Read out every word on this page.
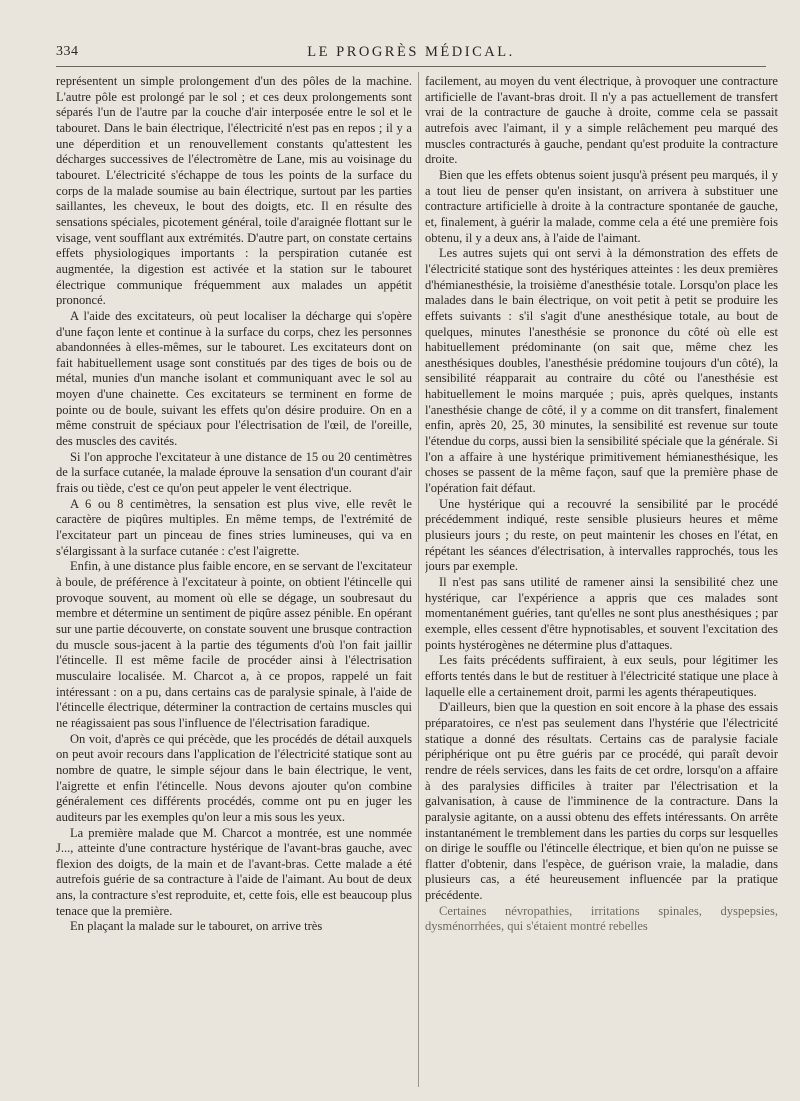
334	LE PROGRÈS MÉDICAL.

représentent un simple prolongement d'un des pôles de la machine. L'autre pôle est prolongé par le sol ; et ces deux prolongements sont séparés l'un de l'autre par la couche d'air interposée entre le sol et le tabouret. Dans le bain électrique, l'électricité n'est pas en repos ; il y a une déperdition et un renouvellement constants qu'attestent les décharges successives de l'électromètre de Lane, mis au voisinage du tabouret. L'électricité s'échappe de tous les points de la surface du corps de la malade soumise au bain électrique, surtout par les parties saillantes, les cheveux, le bout des doigts, etc. Il en résulte des sensations spéciales, picotement général, toile d'araignée flottant sur le visage, vent soufflant aux extrémités. D'autre part, on constate certains effets physiologiques importants : la perspiration cutanée est augmentée, la digestion est activée et la station sur le tabouret électrique communique fréquemment aux malades un appétit prononcé.

A l'aide des excitateurs, où peut localiser la décharge qui s'opère d'une façon lente et continue à la surface du corps, chez les personnes abandonnées à elles-mêmes, sur le tabouret. Les excitateurs dont on fait habituellement usage sont constitués par des tiges de bois ou de métal, munies d'un manche isolant et communiquant avec le sol au moyen d'une chainette. Ces excitateurs se terminent en forme de pointe ou de boule, suivant les effets qu'on désire produire. On en a même construit de spéciaux pour l'électrisation de l'œil, de l'oreille, des muscles des cavités.

Si l'on approche l'excitateur à une distance de 15 ou 20 centimètres de la surface cutanée, la malade éprouve la sensation d'un courant d'air frais ou tiède, c'est ce qu'on peut appeler le vent électrique.

A 6 ou 8 centimètres, la sensation est plus vive, elle revêt le caractère de piqûres multiples. En même temps, de l'extrémité de l'excitateur part un pinceau de fines stries lumineuses, qui va en s'élargissant à la surface cutanée : c'est l'aigrette.

Enfin, à une distance plus faible encore, en se servant de l'excitateur à boule, de préférence à l'excitateur à pointe, on obtient l'étincelle qui provoque souvent, au moment où elle se dégage, un soubresaut du membre et détermine un sentiment de piqûre assez pénible. En opérant sur une partie découverte, on constate souvent une brusque contraction du muscle sous-jacent à la partie des téguments d'où l'on fait jaillir l'étincelle. Il est même facile de procéder ainsi à l'électrisation musculaire localisée. M. Charcot a, à ce propos, rappelé un fait intéressant : on a pu, dans certains cas de paralysie spinale, à l'aide de l'étincelle électrique, déterminer la contraction de certains muscles qui ne réagissaient pas sous l'influence de l'électrisation faradique.

On voit, d'après ce qui précède, que les procédés de détail auxquels on peut avoir recours dans l'application de l'électricité statique sont au nombre de quatre, le simple séjour dans le bain électrique, le vent, l'aigrette et enfin l'étincelle. Nous devons ajouter qu'on combine généralement ces différents procédés, comme ont pu en juger les auditeurs par les exemples qu'on leur a mis sous les yeux.

La première malade que M. Charcot a montrée, est une nommée J..., atteinte d'une contracture hystérique de l'avant-bras gauche, avec flexion des doigts, de la main et de l'avant-bras. Cette malade a été autrefois guérie de sa contracture à l'aide de l'aimant. Au bout de deux ans, la contracture s'est reproduite, et, cette fois, elle est beaucoup plus tenace que la première.

En plaçant la malade sur le tabouret, on arrive très

facilement, au moyen du vent électrique, à provoquer une contracture artificielle de l'avant-bras droit. Il n'y a pas actuellement de transfert vrai de la contracture de gauche à droite, comme cela se passait autrefois avec l'aimant, il y a simple relâchement peu marqué des muscles contracturés à gauche, pendant qu'est produite la contracture droite.

Bien que les effets obtenus soient jusqu'à présent peu marqués, il y a tout lieu de penser qu'en insistant, on arrivera à substituer une contracture artificielle à droite à la contracture spontanée de gauche, et, finalement, à guérir la malade, comme cela a été une première fois obtenu, il y a deux ans, à l'aide de l'aimant.

Les autres sujets qui ont servi à la démonstration des effets de l'électricité statique sont des hystériques atteintes : les deux premières d'hémianesthésie, la troisième d'anesthésie totale. Lorsqu'on place les malades dans le bain électrique, on voit petit à petit se produire les effets suivants : s'il s'agit d'une anesthésique totale, au bout de quelques, minutes l'anesthésie se prononce du côté où elle est habituellement prédominante (on sait que, même chez les anesthésiques doubles, l'anesthésie prédomine toujours d'un côté), la sensibilité réapparait au contraire du côté ou l'anesthésie est habituellement le moins marquée ; puis, après quelques, instants l'anesthésie change de côté, il y a comme on dit transfert, finalement enfin, après 20, 25, 30 minutes, la sensibilité est revenue sur toute l'étendue du corps, aussi bien la sensibilité spéciale que la générale. Si l'on a affaire à une hystérique primitivement hémianesthésique, les choses se passent de la même façon, sauf que la première phase de l'opération fait défaut.

Une hystérique qui a recouvré la sensibilité par le procédé précédemment indiqué, reste sensible plusieurs heures et même plusieurs jours ; du reste, on peut maintenir les choses en l'état, en répétant les séances d'électrisation, à intervalles rapprochés, tous les jours par exemple.

Il n'est pas sans utilité de ramener ainsi la sensibilité chez une hystérique, car l'expérience a appris que ces malades sont momentanément guéries, tant qu'elles ne sont plus anesthésiques ; par exemple, elles cessent d'être hypnotisables, et souvent l'excitation des points hystérogènes ne détermine plus d'attaques.

Les faits précédents suffiraient, à eux seuls, pour légitimer les efforts tentés dans le but de restituer à l'électricité statique une place à laquelle elle a certainement droit, parmi les agents thérapeutiques.

D'ailleurs, bien que la question en soit encore à la phase des essais préparatoires, ce n'est pas seulement dans l'hystérie que l'électricité statique a donné des résultats. Certains cas de paralysie faciale périphérique ont pu être guéris par ce procédé, qui paraît devoir rendre de réels services, dans les faits de cet ordre, lorsqu'on a affaire à des paralysies difficiles à traiter par l'électrisation et la galvanisation, à cause de l'imminence de la contracture. Dans la paralysie agitante, on a aussi obtenu des effets intéressants. On arrête instantanément le tremblement dans les parties du corps sur lesquelles on dirige le souffle ou l'étincelle électrique, et bien qu'on ne puisse se flatter d'obtenir, dans l'espèce, de guérison vraie, la maladie, dans plusieurs cas, a été heureusement influencée par la pratique précédente.

Certaines névropathies, irritations spinales, dyspepsies, dysménorrhées, qui s'étaient montré rebelles
